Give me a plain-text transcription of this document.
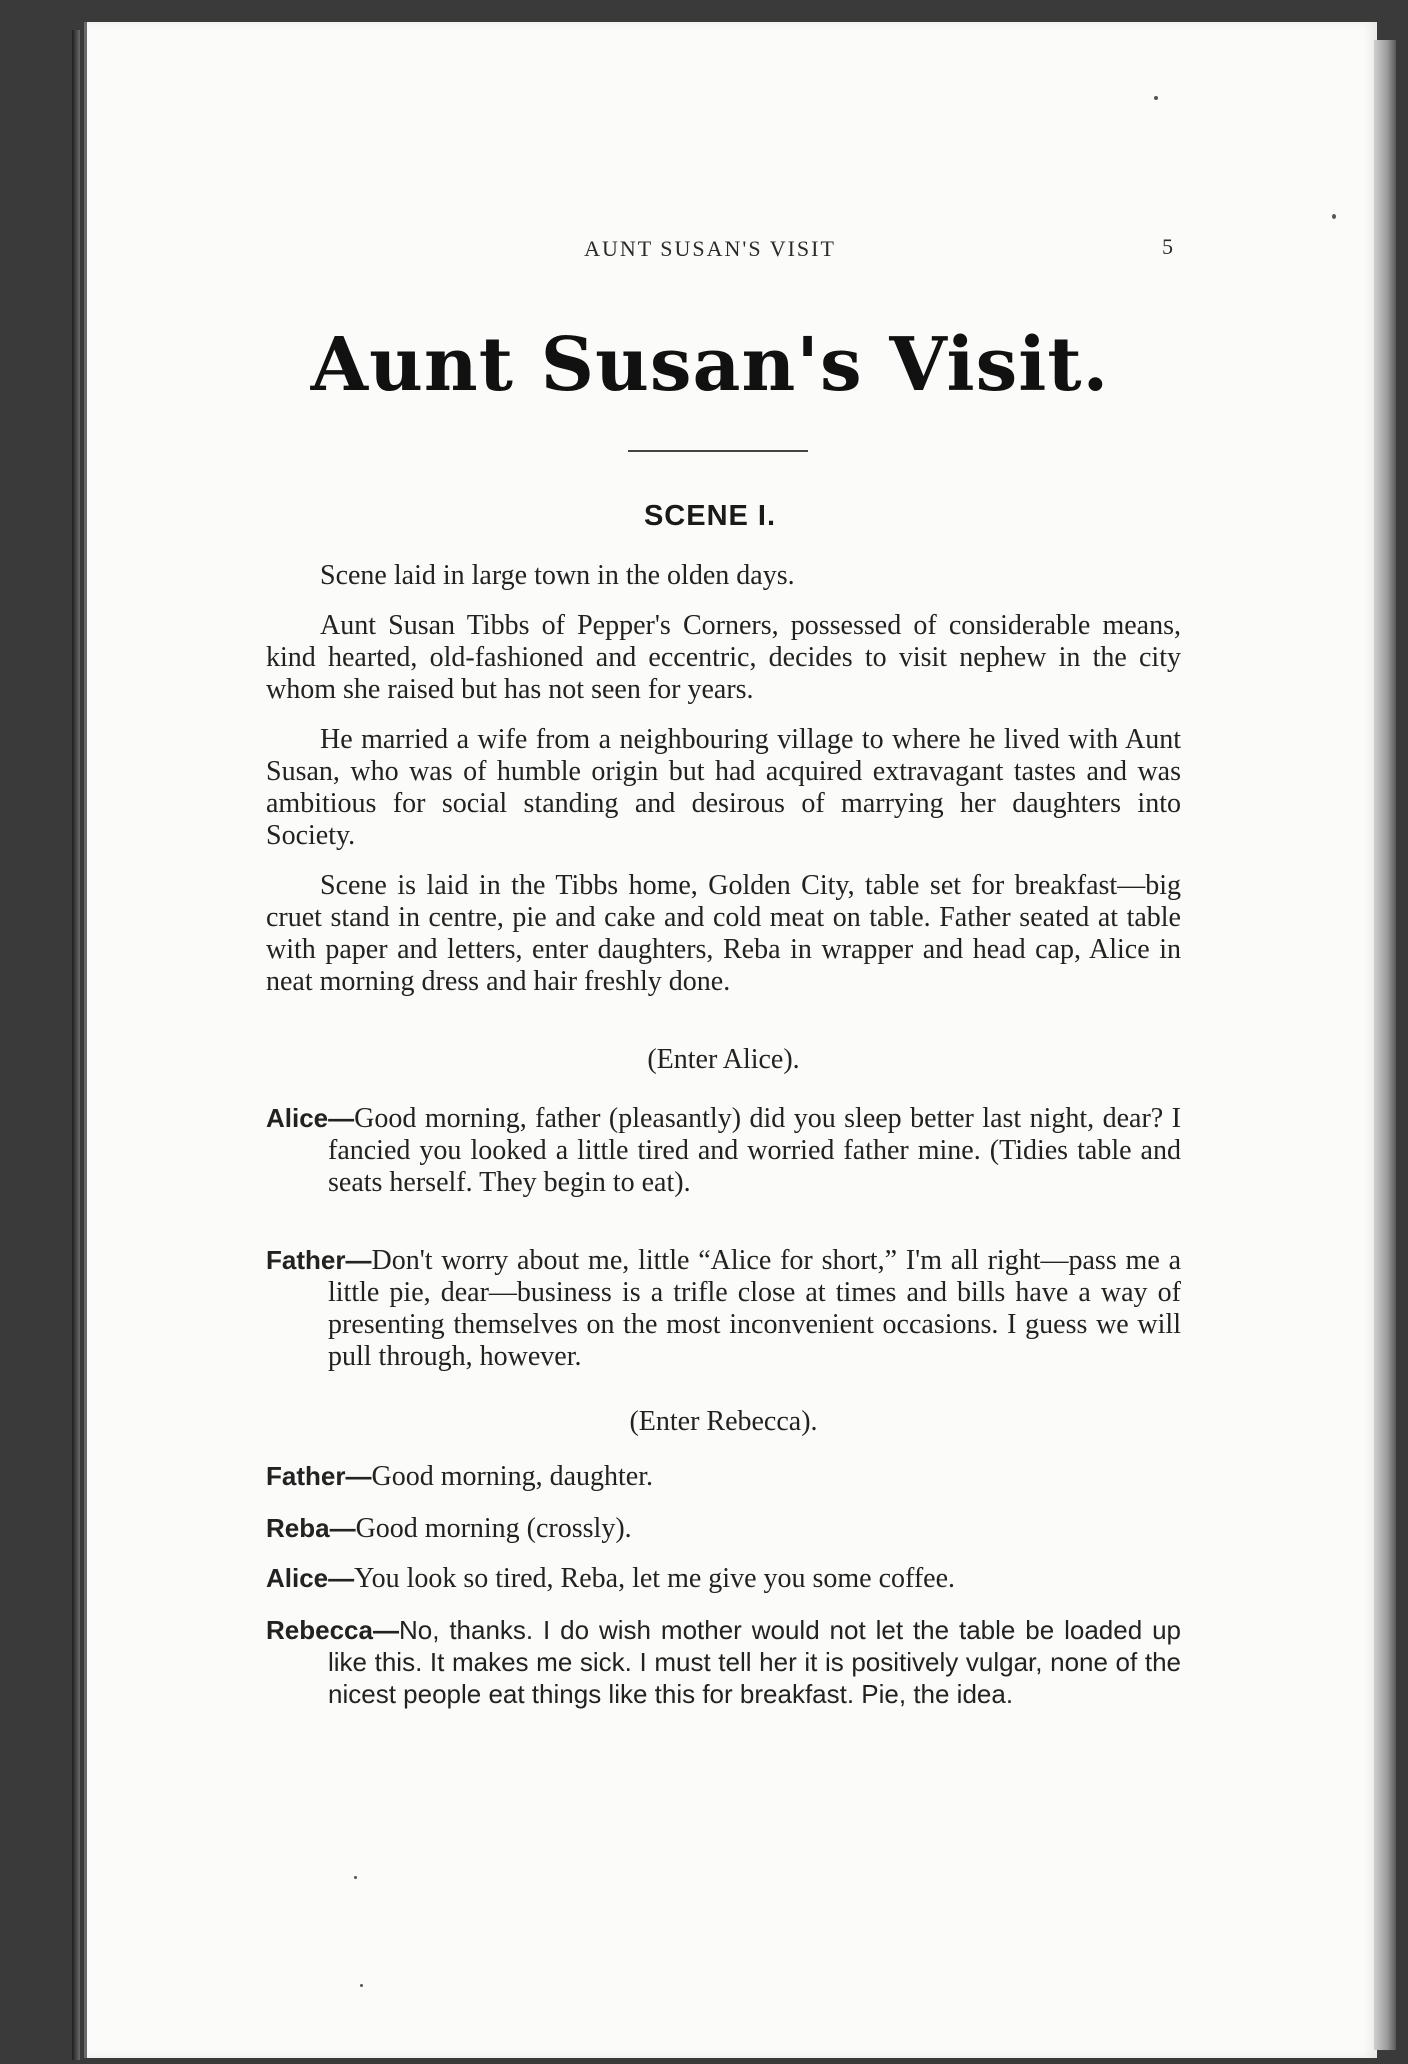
AUNT SUSAN'S VISIT	5
Aunt Susan's Visit.
SCENE I.
Scene laid in large town in the olden days.
Aunt Susan Tibbs of Pepper's Corners, possessed of considerable means, kind hearted, old-fashioned and eccentric, decides to visit nephew in the city whom she raised but has not seen for years.
He married a wife from a neighbouring village to where he lived with Aunt Susan, who was of humble origin but had acquired extravagant tastes and was ambitious for social standing and desirous of marrying her daughters into Society.
Scene is laid in the Tibbs home, Golden City, table set for breakfast—big cruet stand in centre, pie and cake and cold meat on table. Father seated at table with paper and letters, enter daughters, Reba in wrapper and head cap, Alice in neat morning dress and hair freshly done.
(Enter Alice).
Alice—Good morning, father (pleasantly) did you sleep better last night, dear? I fancied you looked a little tired and worried father mine. (Tidies table and seats herself. They begin to eat).
Father—Don't worry about me, little “Alice for short,” I'm all right—pass me a little pie, dear—business is a trifle close at times and bills have a way of presenting themselves on the most inconvenient occasions. I guess we will pull through, however.
(Enter Rebecca).
Father—Good morning, daughter.
Reba—Good morning (crossly).
Alice—You look so tired, Reba, let me give you some coffee.
Rebecca—No, thanks. I do wish mother would not let the table be loaded up like this. It makes me sick. I must tell her it is positively vulgar, none of the nicest people eat things like this for breakfast. Pie, the idea.
